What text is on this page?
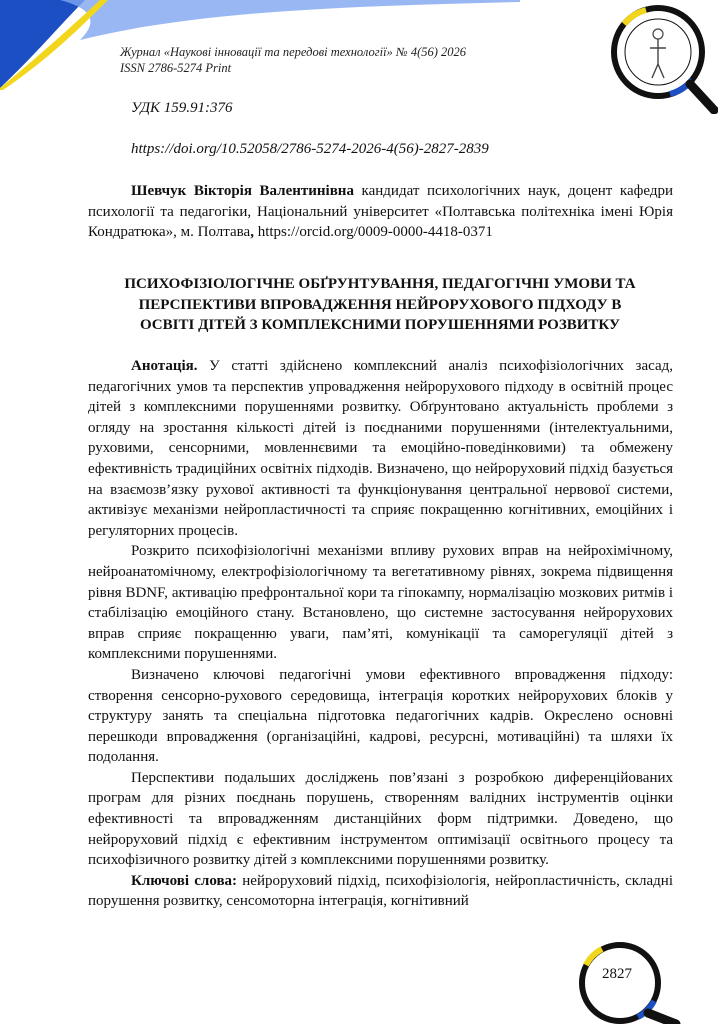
Журнал «Наукові інновації та передові технології» № 4(56) 2026
ISSN 2786-5274 Print
УДК 159.91:376
https://doi.org/10.52058/2786-5274-2026-4(56)-2827-2839
Шевчук Вікторія Валентинівна кандидат психологічних наук, доцент кафедри психології та педагогіки, Національний університет «Полтавська політехніка імені Юрія Кондратюка», м. Полтава, https://orcid.org/0009-0000-4418-0371
ПСИХОФІЗІОЛОГІЧНЕ ОБҐРУНТУВАННЯ, ПЕДАГОГІЧНІ УМОВИ ТА
ПЕРСПЕКТИВИ ВПРОВАДЖЕННЯ НЕЙРОРУХОВОГО ПІДХОДУ В
ОСВІТІ ДІТЕЙ З КОМПЛЕКСНИМИ ПОРУШЕННЯМИ РОЗВИТКУ

Анотація. У статті здійснено комплексний аналіз психофізіологічних засад, педагогічних умов та перспектив упровадження нейрорухового підходу в освітній процес дітей з комплексними порушеннями розвитку. Обґрунтовано актуальність проблеми з огляду на зростання кількості дітей із поєднаними порушеннями (інтелектуальними, руховими, сенсорними, мовленнєвими та емоційно-поведінковими) та обмежену ефективність традиційних освітніх підходів. Визначено, що нейроруховий підхід базується на взаємозв’язку рухової активності та функціонування центральної нервової системи, активізує механізми нейропластичності та сприяє покращенню когнітивних, емоційних і регуляторних процесів.

Розкрито психофізіологічні механізми впливу рухових вправ на нейрохімічному, нейроанатомічному, електрофізіологічному та вегетативному рівнях, зокрема підвищення рівня BDNF, активацію префронтальної кори та гіпокампу, нормалізацію мозкових ритмів і стабілізацію емоційного стану. Встановлено, що системне застосування нейрорухових вправ сприяє покращенню уваги, пам’яті, комунікації та саморегуляції дітей з комплексними порушеннями.

Визначено ключові педагогічні умови ефективного впровадження підходу: створення сенсорно-рухового середовища, інтеграція коротких нейрорухових блоків у структуру занять та спеціальна підготовка педагогічних кадрів. Окреслено основні перешкоди впровадження (організаційні, кадрові, ресурсні, мотиваційні) та шляхи їх подолання.

Перспективи подальших досліджень пов’язані з розробкою диференційованих програм для різних поєднань порушень, створенням валідних інструментів оцінки ефективності та впровадженням дистанційних форм підтримки. Доведено, що нейроруховий підхід є ефективним інструментом оптимізації освітнього процесу та психофізичного розвитку дітей з комплексними порушеннями розвитку.

Ключові слова: нейроруховий підхід, психофізіологія, нейропластичність, складні порушення розвитку, сенсомоторна інтеграція, когнітивний

2827
